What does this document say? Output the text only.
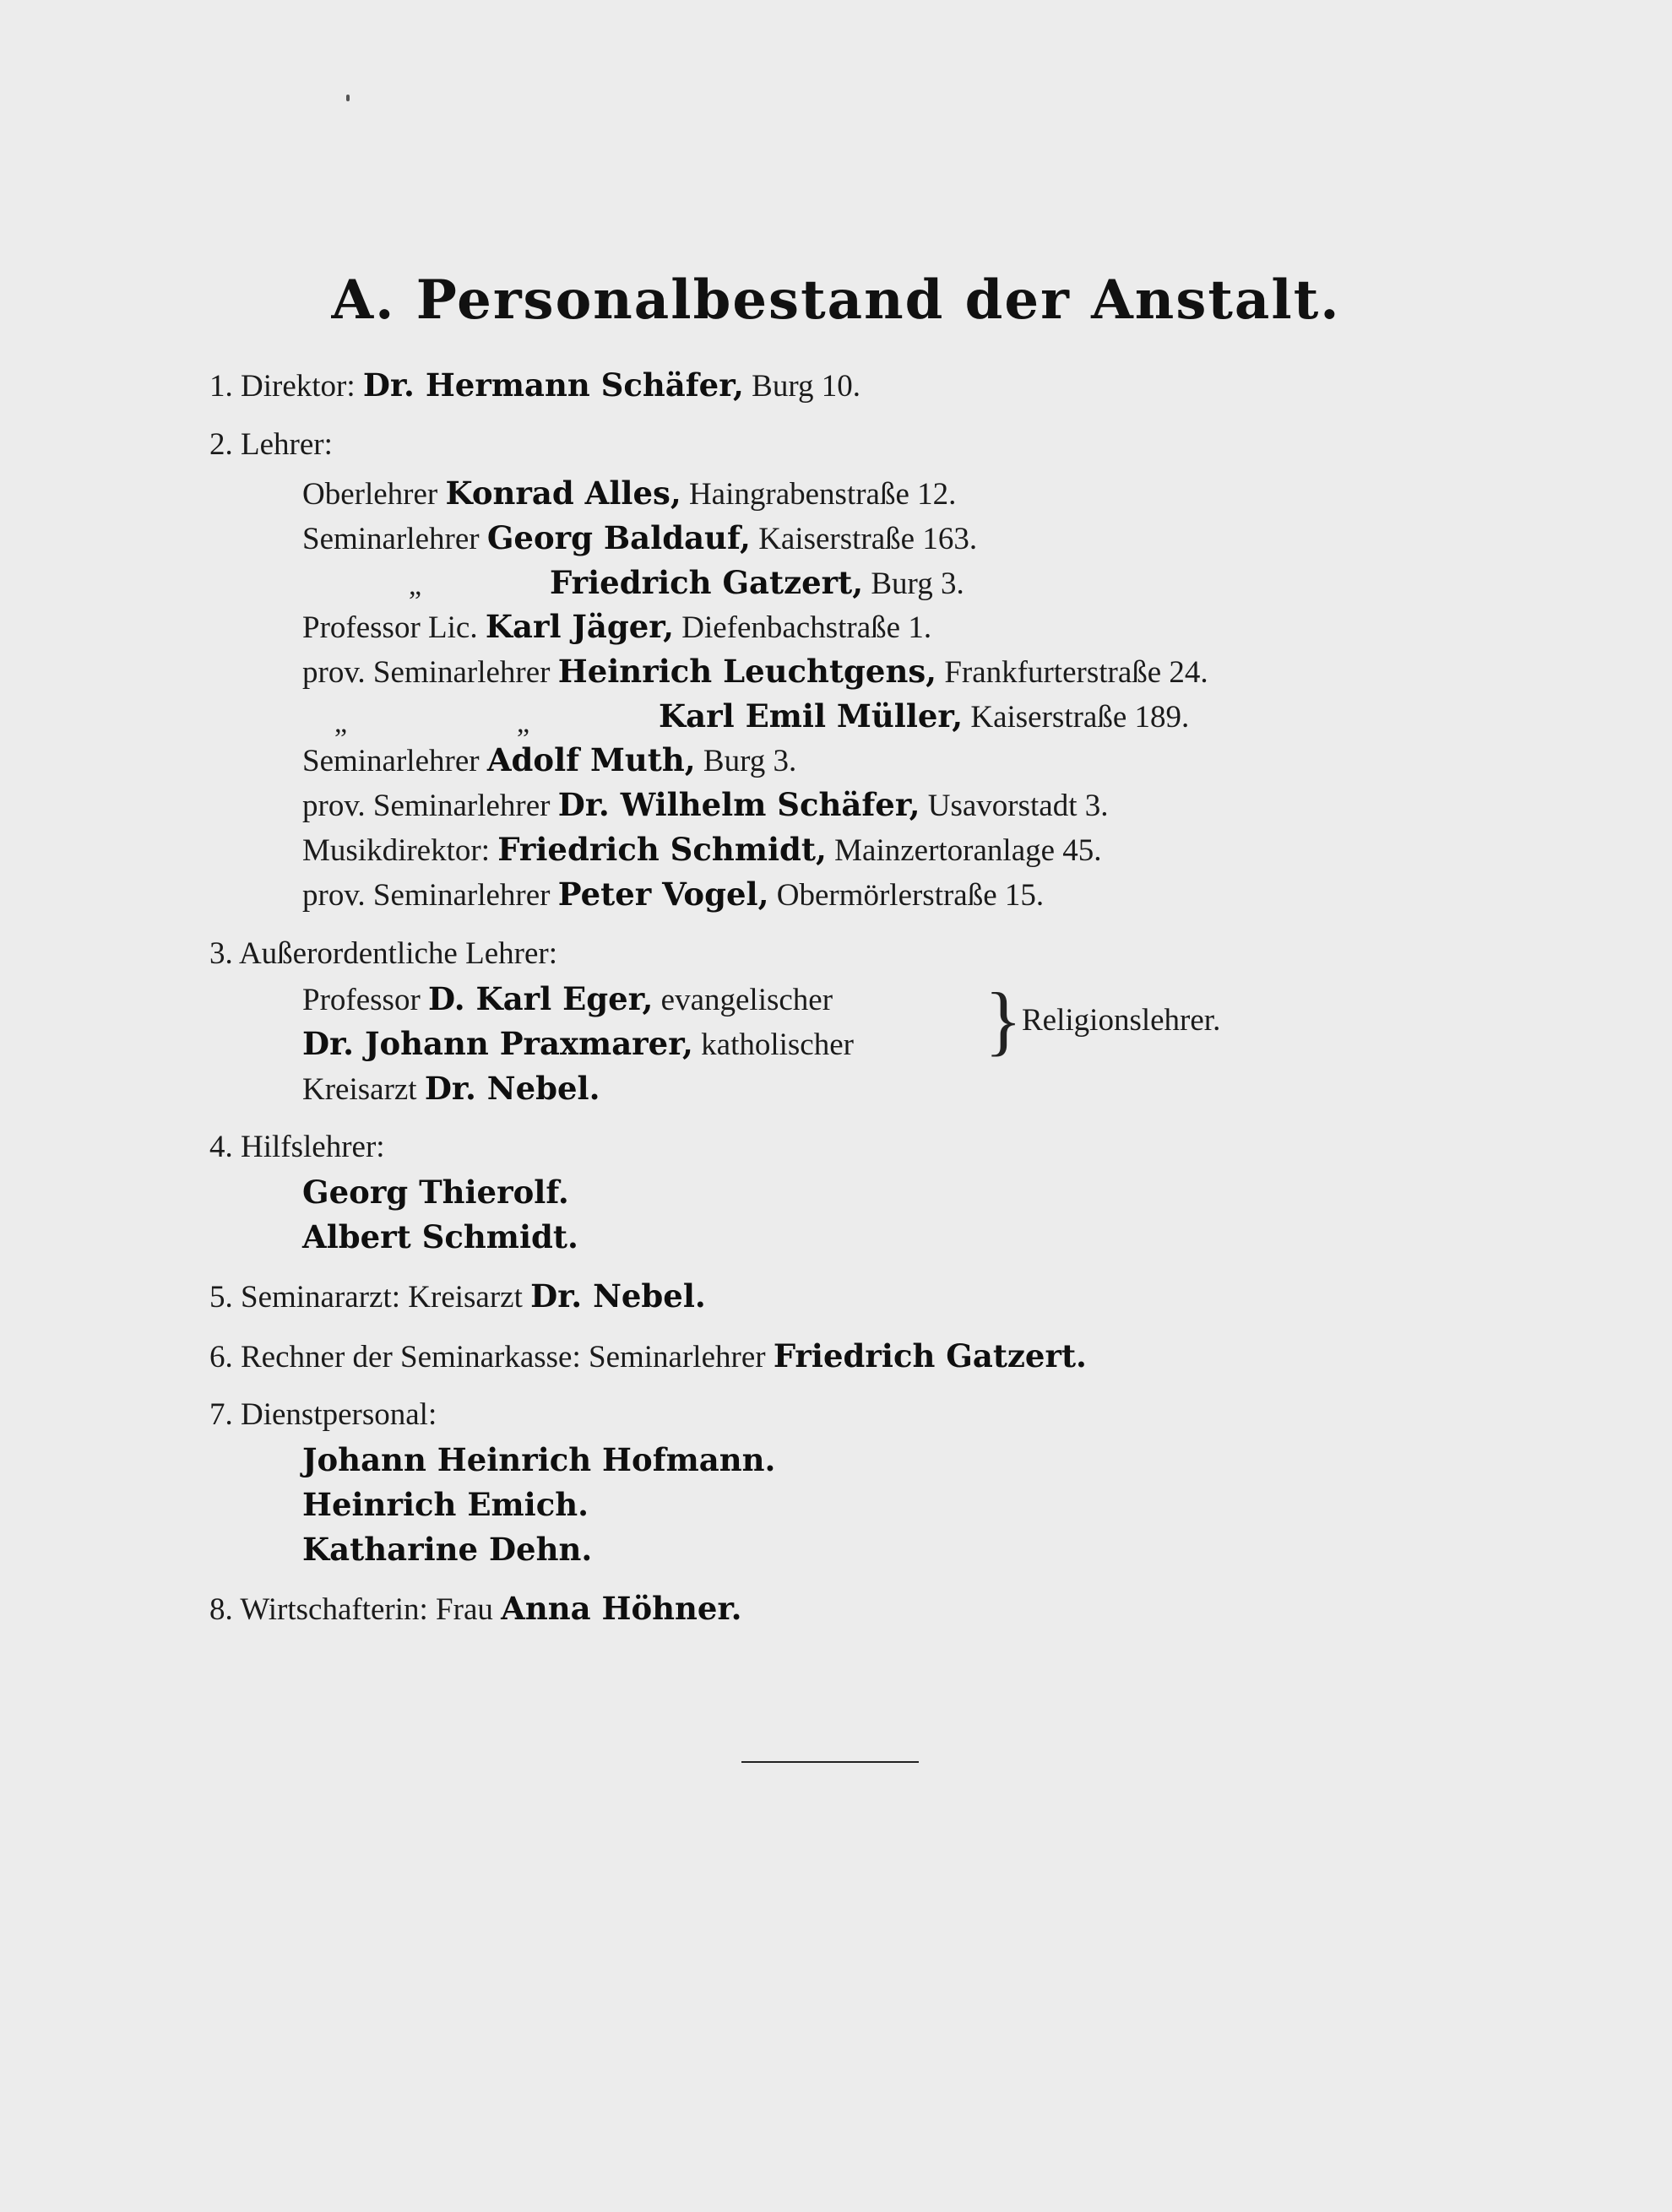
A. Personalbestand der Anstalt.
1. Direktor: Dr. Hermann Schäfer, Burg 10.
2. Lehrer:
Oberlehrer Konrad Alles, Haingrabenstraße 12.
Seminarlehrer Georg Baldauf, Kaiserstraße 163.
„	Friedrich Gatzert, Burg 3.
Professor Lic. Karl Jäger, Diefenbachstraße 1.
prov. Seminarlehrer Heinrich Leuchtgens, Frankfurterstraße 24.
„	„	Karl Emil Müller, Kaiserstraße 189.
Seminarlehrer Adolf Muth, Burg 3.
prov. Seminarlehrer Dr. Wilhelm Schäfer, Usavorstadt 3.
Musikdirektor: Friedrich Schmidt, Mainzertoranlage 45.
prov. Seminarlehrer Peter Vogel, Obermörlerstraße 15.
3. Außerordentliche Lehrer:
Professor D. Karl Eger, evangelischer
Dr. Johann Praxmarer, katholischer } Religionslehrer.
Kreisarzt Dr. Nebel.
4. Hilfslehrer:
Georg Thierolf.
Albert Schmidt.
5. Seminararzt: Kreisarzt Dr. Nebel.
6. Rechner der Seminarkasse: Seminarlehrer Friedrich Gatzert.
7. Dienstpersonal:
Johann Heinrich Hofmann.
Heinrich Emich.
Katharine Dehn.
8. Wirtschafterin: Frau Anna Höhner.
